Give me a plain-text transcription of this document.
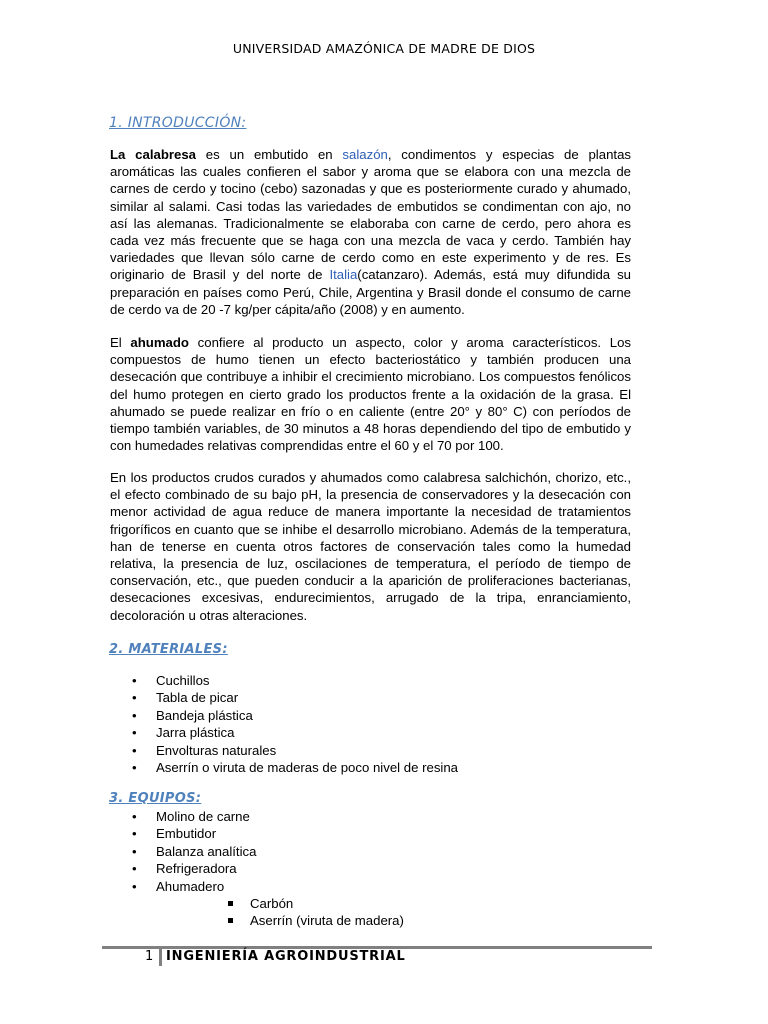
UNIVERSIDAD AMAZÓNICA DE MADRE DE DIOS
1. INTRODUCCIÓN:

La calabresa es un embutido en salazón, condimentos y especias de plantas aromáticas las cuales confieren el sabor y aroma que se elabora con una mezcla de carnes de cerdo y tocino (cebo) sazonadas y que es posteriormente curado y ahumado, similar al salami. Casi todas las variedades de embutidos se condimentan con ajo, no así las alemanas. Tradicionalmente se elaboraba con carne de cerdo, pero ahora es cada vez más frecuente que se haga con una mezcla de vaca y cerdo. También hay variedades que llevan sólo carne de cerdo como en este experimento y de res. Es originario de Brasil y del norte de Italia(catanzaro). Además, está muy difundida su preparación en países como Perú, Chile, Argentina y Brasil donde el consumo de carne de cerdo va de 20 -7 kg/per cápita/año (2008) y en aumento.

El ahumado confiere al producto un aspecto, color y aroma característicos. Los compuestos de humo tienen un efecto bacteriostático y también producen una desecación que contribuye a inhibir el crecimiento microbiano. Los compuestos fenólicos del humo protegen en cierto grado los productos frente a la oxidación de la grasa. El ahumado se puede realizar en frío o en caliente (entre 20° y 80° C) con períodos de tiempo también variables, de 30 minutos a 48 horas dependiendo del tipo de embutido y con humedades relativas comprendidas entre el 60 y el 70 por 100.

En los productos crudos curados y ahumados como calabresa salchichón, chorizo, etc., el efecto combinado de su bajo pH, la presencia de conservadores y la desecación con menor actividad de agua reduce de manera importante la necesidad de tratamientos frigoríficos en cuanto que se inhibe el desarrollo microbiano. Además de la temperatura, han de tenerse en cuenta otros factores de conservación tales como la humedad relativa, la presencia de luz, oscilaciones de temperatura, el período de tiempo de conservación, etc., que pueden conducir a la aparición de proliferaciones bacterianas, desecaciones excesivas, endurecimientos, arrugado de la tripa, enranciamiento, decoloración u otras alteraciones.

2. MATERIALES:
• Cuchillos
• Tabla de picar
• Bandeja plástica
• Jarra plástica
• Envolturas naturales
• Aserrín o viruta de maderas de poco nivel de resina
3. EQUIPOS:
• Molino de carne
• Embutidor
• Balanza analítica
• Refrigeradora
• Ahumadero
Carbón
Aserrín (viruta de madera)
1 INGENIERÍA AGROINDUSTRIAL
